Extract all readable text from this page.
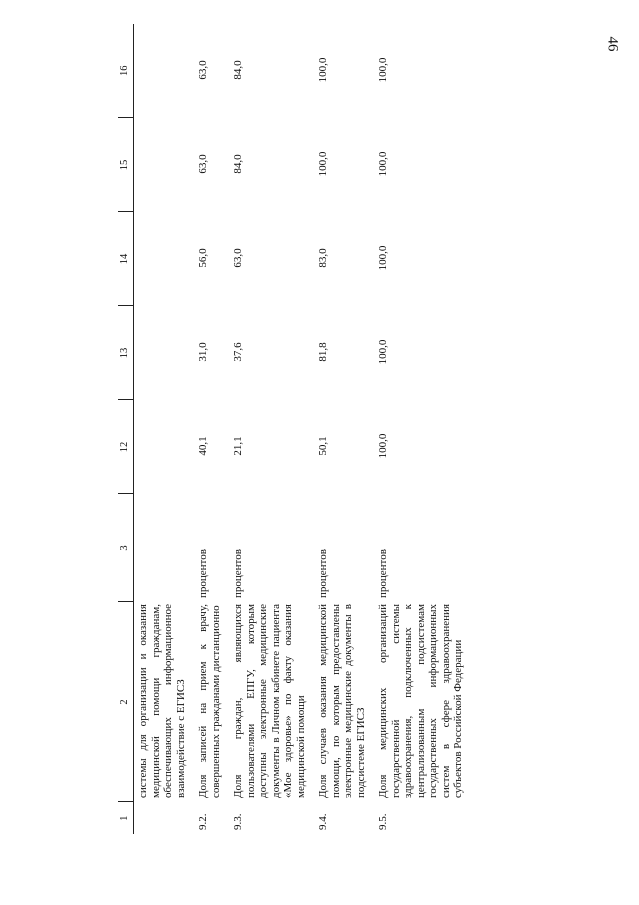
46
1	2	3	12	13	14	15	16
	системы для организации и оказания медицинской помощи гражданам, обеспечивающих информационное взаимодействие с ЕГИСЗ						
9.2.	Доля записей на прием к врачу, совершенных гражданами дистанционно	процентов	40,1	31,0	56,0	63,0	63,0
9.3.	Доля граждан, являющихся пользователями ЕПГУ, которым доступны электронные медицинские документы в Личном кабинете пациента «Мое здоровье» по факту оказания медицинской помощи	процентов	21,1	37,6	63,0	84,0	84,0
9.4.	Доля случаев оказания медицинской помощи, по которым предоставлены электронные медицинские документы в подсистеме ЕГИСЗ	процентов	50,1	81,8	83,0	100,0	100,0
9.5.	Доля медицинских организаций государственной системы здравоохранения, подключенных к централизованным подсистемам государственных информационных систем в сфере здравоохранения субъектов Российской Федерации	процентов	100,0	100,0	100,0	100,0	100,0
